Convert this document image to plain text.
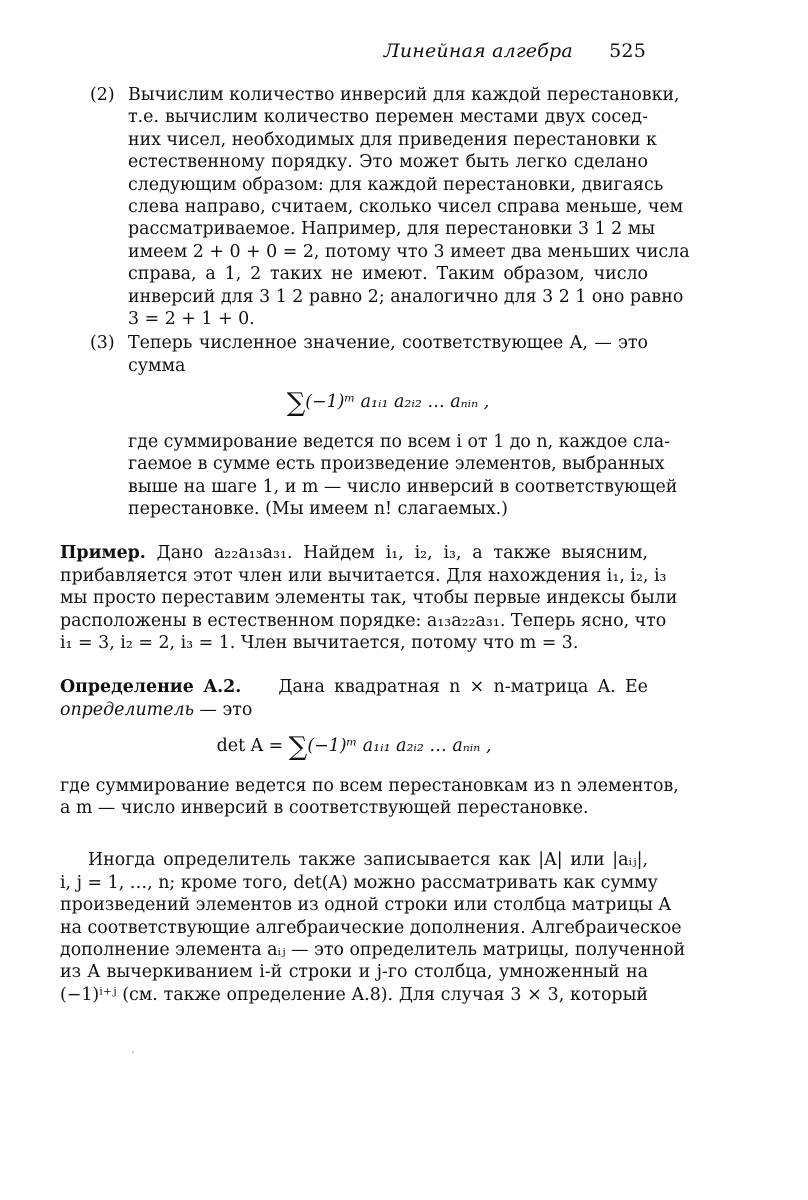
Линейная алгебра 525
(2) Вычислим количество инверсий для каждой перестановки,
т.е. вычислим количество перемен местами двух сосед-
них чисел, необходимых для приведения перестановки к
естественному порядку. Это может быть легко сделано
следующим образом: для каждой перестановки, двигаясь
слева направо, считаем, сколько чисел справа меньше, чем
рассматриваемое. Например, для перестановки 3 1 2 мы
имеем 2 + 0 + 0 = 2, потому что 3 имеет два меньших числа
справа, а 1, 2 таких не имеют. Таким образом, число
инверсий для 3 1 2 равно 2; аналогично для 3 2 1 оно равно
3 = 2 + 1 + 0.
(3) Теперь численное значение, соответствующее A, — это
сумма
∑(−1)ᵐ a₁ᵢ₁ a₂ᵢ₂ … aₙᵢₙ ,
где суммирование ведется по всем i от 1 до n, каждое сла-
гаемое в сумме есть произведение элементов, выбранных
выше на шаге 1, и m — число инверсий в соответствующей
перестановке. (Мы имеем n! слагаемых.)
Пример. Дано a₂₂a₁₃a₃₁. Найдем i₁, i₂, i₃, а также выясним,
прибавляется этот член или вычитается. Для нахождения i₁, i₂, i₃
мы просто переставим элементы так, чтобы первые индексы были
расположены в естественном порядке: a₁₃a₂₂a₃₁. Теперь ясно, что
i₁ = 3, i₂ = 2, i₃ = 1. Член вычитается, потому что m = 3.
Определение A.2. Дана квадратная n × n-матрица A. Ее
определитель — это
det A = ∑(−1)ᵐ a₁ᵢ₁ a₂ᵢ₂ … aₙᵢₙ ,
где суммирование ведется по всем перестановкам из n элементов,
а m — число инверсий в соответствующей перестановке.
Иногда определитель также записывается как |A| или |aᵢⱼ|,
i, j = 1, …, n; кроме того, det(A) можно рассматривать как сумму
произведений элементов из одной строки или столбца матрицы A
на соответствующие алгебраические дополнения. Алгебраическое
дополнение элемента aᵢⱼ — это определитель матрицы, полученной
из A вычеркиванием i-й строки и j-го столбца, умноженный на
(−1)ⁱ⁺ʲ (см. также определение A.8). Для случая 3 × 3, который
ˊ
